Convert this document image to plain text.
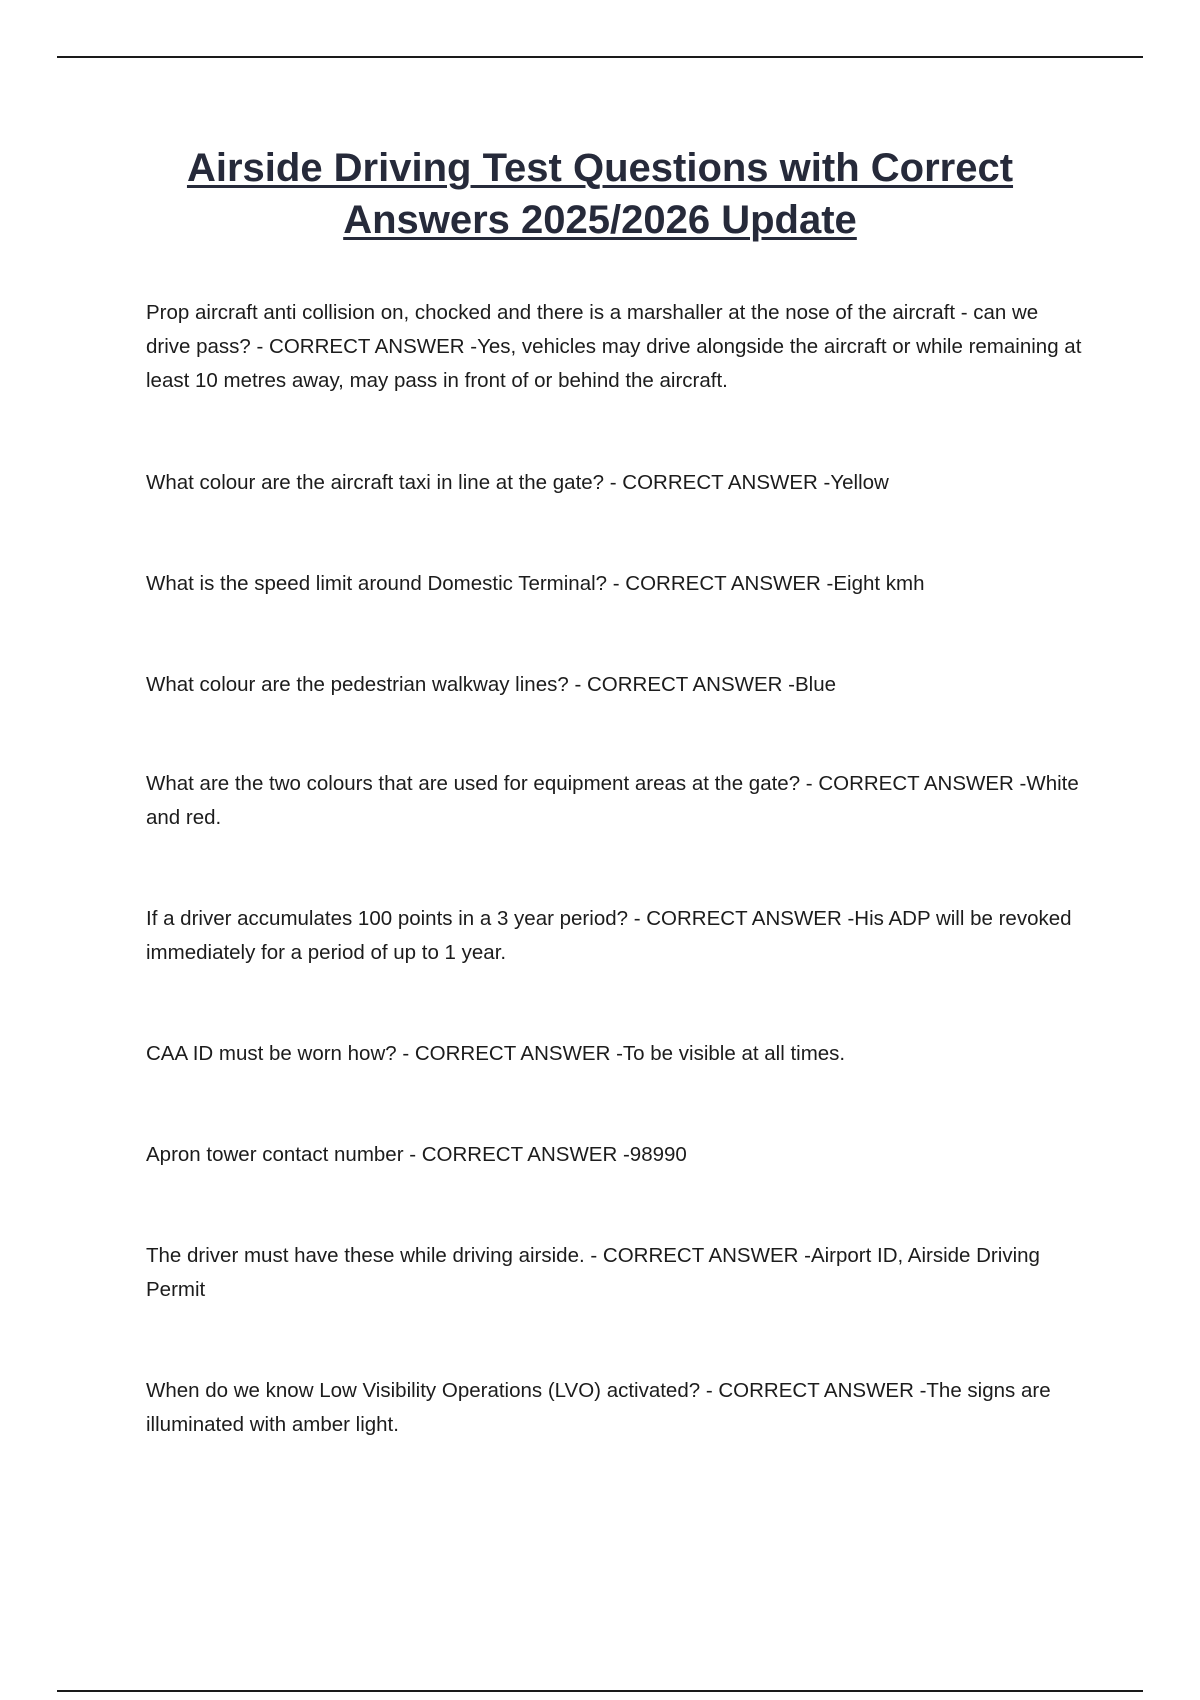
Airside Driving Test Questions with Correct Answers 2025/2026 Update

Prop aircraft anti collision on, chocked and there is a marshaller at the nose of the aircraft - can we drive pass? - CORRECT ANSWER -Yes, vehicles may drive alongside the aircraft or while remaining at least 10 metres away, may pass in front of or behind the aircraft.

What colour are the aircraft taxi in line at the gate? - CORRECT ANSWER -Yellow

What is the speed limit around Domestic Terminal? - CORRECT ANSWER -Eight kmh

What colour are the pedestrian walkway lines? - CORRECT ANSWER -Blue

What are the two colours that are used for equipment areas at the gate? - CORRECT ANSWER -White and red.

If a driver accumulates 100 points in a 3 year period? - CORRECT ANSWER -His ADP will be revoked immediately for a period of up to 1 year.

CAA ID must be worn how? - CORRECT ANSWER -To be visible at all times.

Apron tower contact number - CORRECT ANSWER -98990

The driver must have these while driving airside. - CORRECT ANSWER -Airport ID, Airside Driving Permit

When do we know Low Visibility Operations (LVO) activated? - CORRECT ANSWER -The signs are illuminated with amber light.
